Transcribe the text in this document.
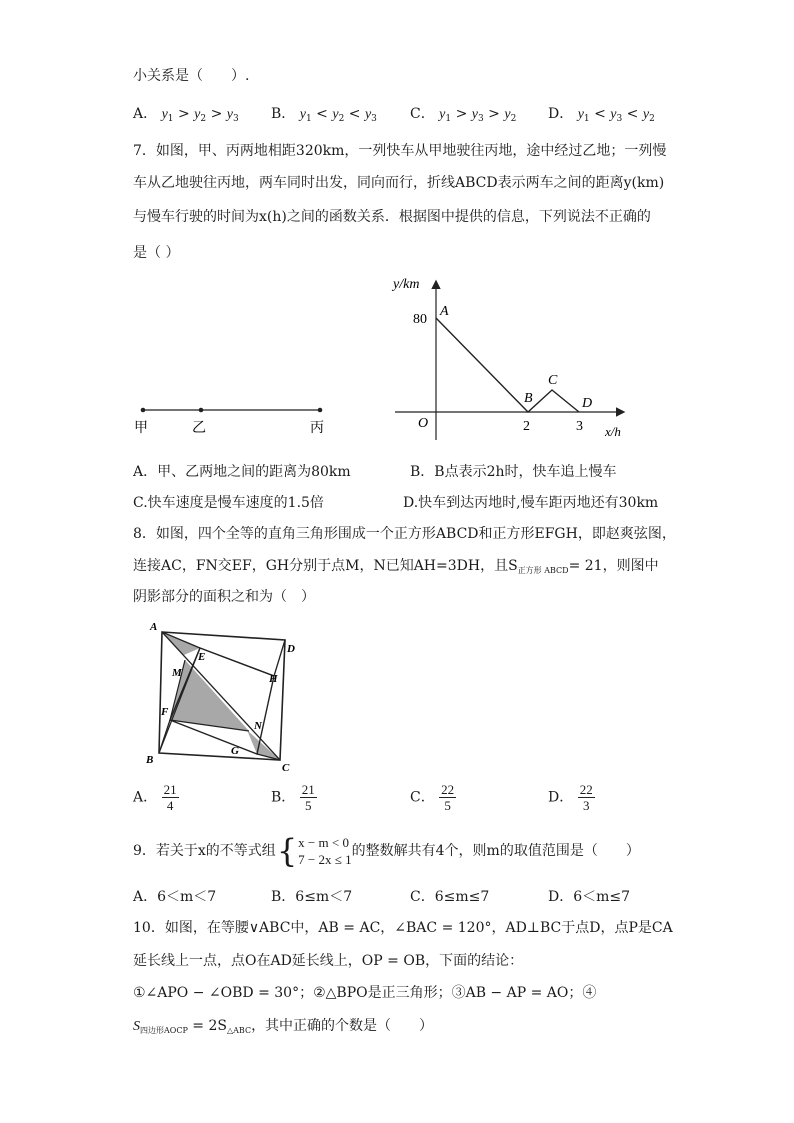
小关系是（　　）.
A． $y_1 > y_2 > y_3$ B． $y_1 < y_2 < y_3$ C． $y_1 > y_3 > y_2$ D． $y_1 < y_3 < y_2$
7．如图，甲、丙两地相距320km，一列快车从甲地驶往丙地，途中经过乙地；一列慢
车从乙地驶往丙地，两车同时出发，同向而行，折线ABCD表示两车之间的距离y(km)
与慢车行驶的时间为x(h)之间的函数关系．根据图中提供的信息，下列说法不正确的
是（ ）
甲	乙	丙
y/km
x/h
80
O	2	3
A
B
C
D
A．甲、乙两地之间的距离为80km	B．B点表示2h时，快车追上慢车
C.快车速度是慢车速度的1.5倍	D.快车到达丙地时,慢车距丙地还有30km
8．如图，四个全等的直角三角形围成一个正方形ABCD和正方形EFGH，即赵爽弦图，
连接AC，FN交EF，GH分别于点M，N已知AH=3DH，且$S_{正方形 ABCD}= 21$，则图中
阴影部分的面积之和为（　）
A
B
C
D
E
F
G
H
M
N
A． $\frac{21}{4}$	B． $\frac{21}{5}$	C． $\frac{22}{5}$	D． $\frac{22}{3}$
9．若关于x的不等式组 { x − m < 0
7 − 2x ≤ 1
的整数解共有4个，则m的取值范围是（　　）
A．6＜m＜7	B．6≤m＜7	C．6≤m≤7	D．6＜m≤7
10．如图，在等腰∨ABC中，AB = AC，∠BAC = 120°，AD⊥BC于点D，点P是CA
延长线上一点，点O在AD延长线上，OP = OB，下面的结论：
①∠APO − ∠OBD = 30°；②△BPO是正三角形；③AB − AP = AO；④
$S_{四边形AOCP} = 2S_{\triangle ABC}$，其中正确的个数是（　　）
